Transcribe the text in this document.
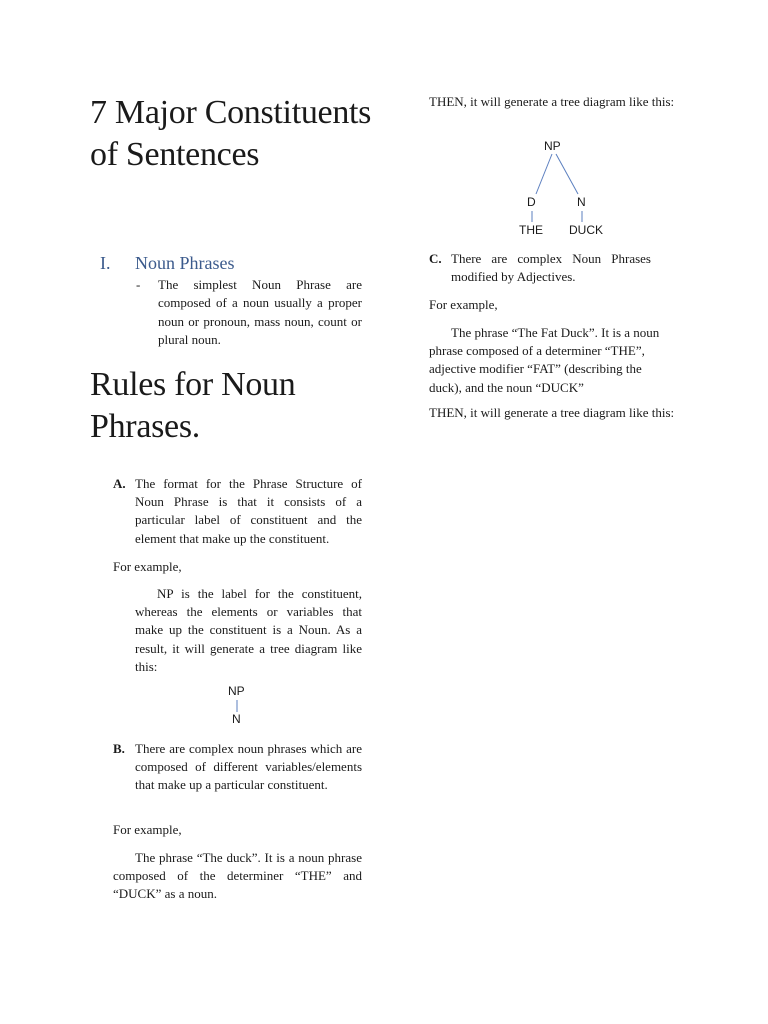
7 Major Constituents of Sentences
I. Noun Phrases
- The simplest Noun Phrase are composed of a noun usually a proper noun or pronoun, mass noun, count or plural noun.
Rules for Noun Phrases.
A. The format for the Phrase Structure of Noun Phrase is that it consists of a particular label of constituent and the element that make up the constituent.
For example,
NP is the label for the constituent, whereas the elements or variables that make up the constituent is a Noun. As a result, it will generate a tree diagram like this:
NP
N
B. There are complex noun phrases which are composed of different variables/elements that make up a particular constituent.
For example,
The phrase “The duck”. It is a noun phrase composed of the determiner “THE” and “DUCK” as a noun.
THEN, it will generate a tree diagram like this:
NP
D	N
THE DUCK
C. There are complex Noun Phrases modified by Adjectives.
For example,
The phrase “The Fat Duck”. It is a noun phrase composed of a determiner “THE”, adjective modifier “FAT” (describing the duck), and the noun “DUCK”
THEN, it will generate a tree diagram like this:
